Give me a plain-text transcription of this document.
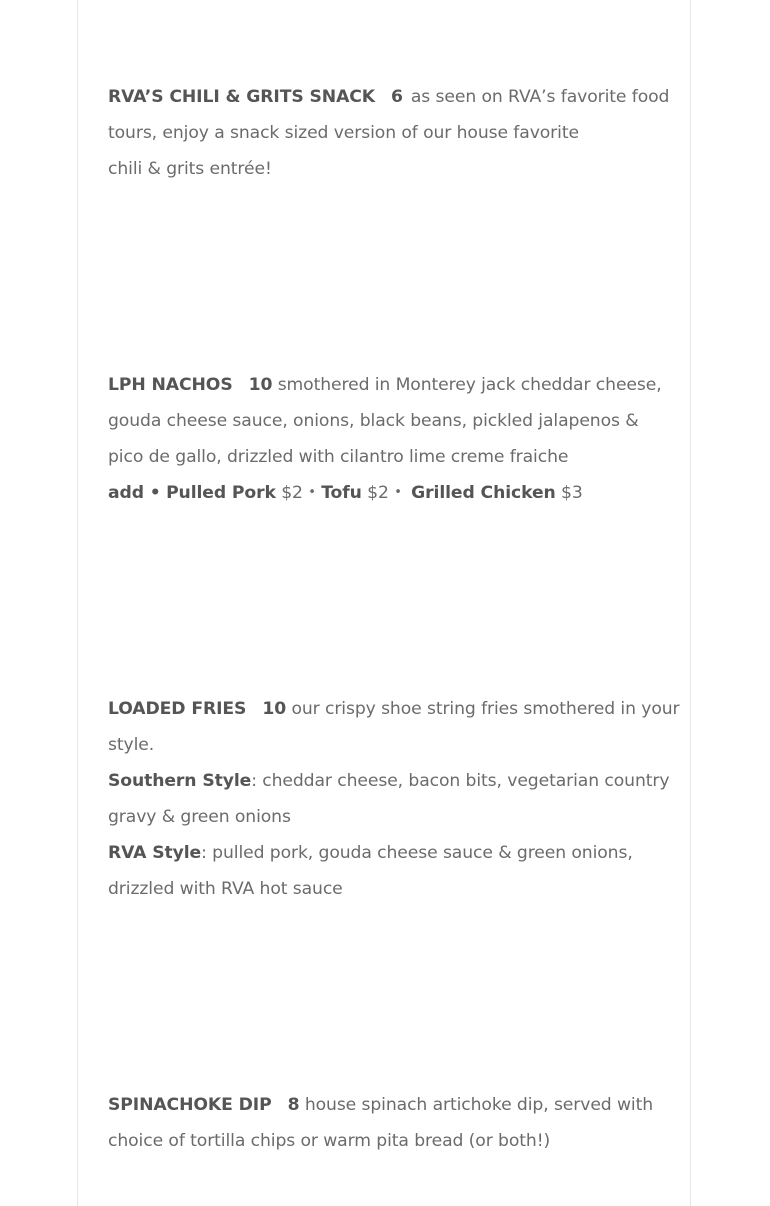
RVA’S CHILI & GRITS SNACK 6 as seen on RVA’s favorite food
tours, enjoy a snack sized version of our house favorite
chili & grits entrée!
LPH NACHOS 10 smothered in Monterey jack cheddar cheese,
gouda cheese sauce, onions, black beans, pickled jalapenos &
pico de gallo, drizzled with cilantro lime creme fraiche
add • Pulled Pork $2 • Tofu $2 • Grilled Chicken $3
LOADED FRIES 10 our crispy shoe string fries smothered in your
style.
Southern Style: cheddar cheese, bacon bits, vegetarian country
gravy & green onions
RVA Style: pulled pork, gouda cheese sauce & green onions,
drizzled with RVA hot sauce
SPINACHOKE DIP 8 house spinach artichoke dip, served with
choice of tortilla chips or warm pita bread (or both!)
